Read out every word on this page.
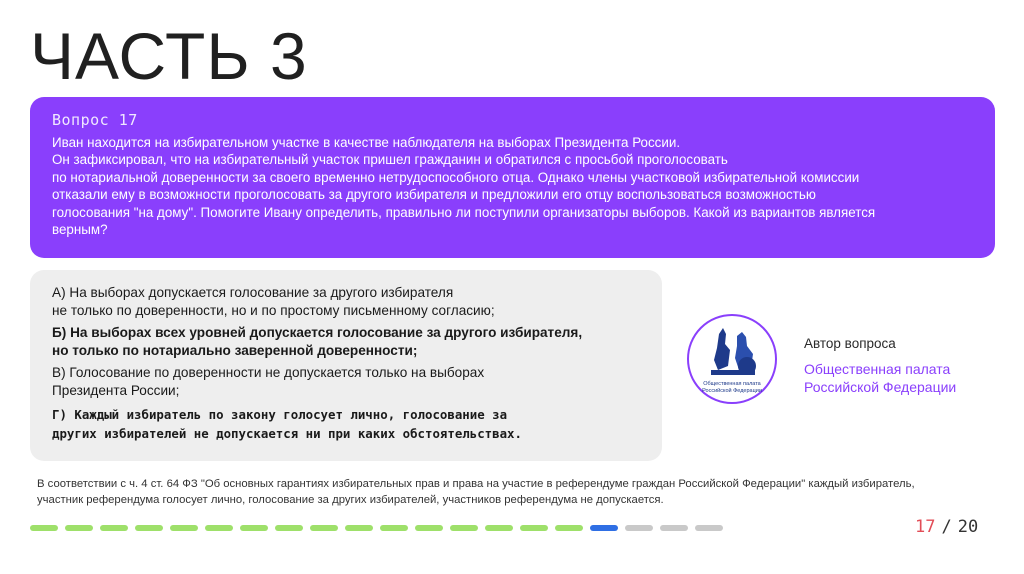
ЧАСТЬ 3
Вопрос 17
Иван находится на избирательном участке в качестве наблюдателя на выборах Президента России.
Он зафиксировал, что на избирательный участок пришел гражданин и обратился с просьбой проголосовать
по нотариальной доверенности за своего временно нетрудоспособного отца. Однако члены участковой избирательной комиссии
отказали ему в возможности проголосовать за другого избирателя и предложили его отцу воспользоваться возможностью
голосования "на дому". Помогите Ивану определить, правильно ли поступили организаторы выборов. Какой из вариантов является
верным?
А) На выборах допускается голосование за другого избирателя
не только по доверенности, но и по простому письменному согласию;
Б) На выборах всех уровней допускается голосование за другого избирателя,
но только по нотариально заверенной доверенности;
В) Голосование по доверенности не допускается только на выборах
Президента России;
Г) Каждый избиратель по закону голосует лично, голосование за
других избирателей не допускается ни при каких обстоятельствах.
Общественная палата
Российской Федерации
Автор вопроса
Общественная палата
Российской Федерации
В соответствии с ч. 4 ст. 64 ФЗ "Об основных гарантиях избирательных прав и права на участие в референдуме граждан Российской Федерации" каждый избиратель,
участник референдума голосует лично, голосование за других избирателей, участников референдума не допускается.
17 / 20
